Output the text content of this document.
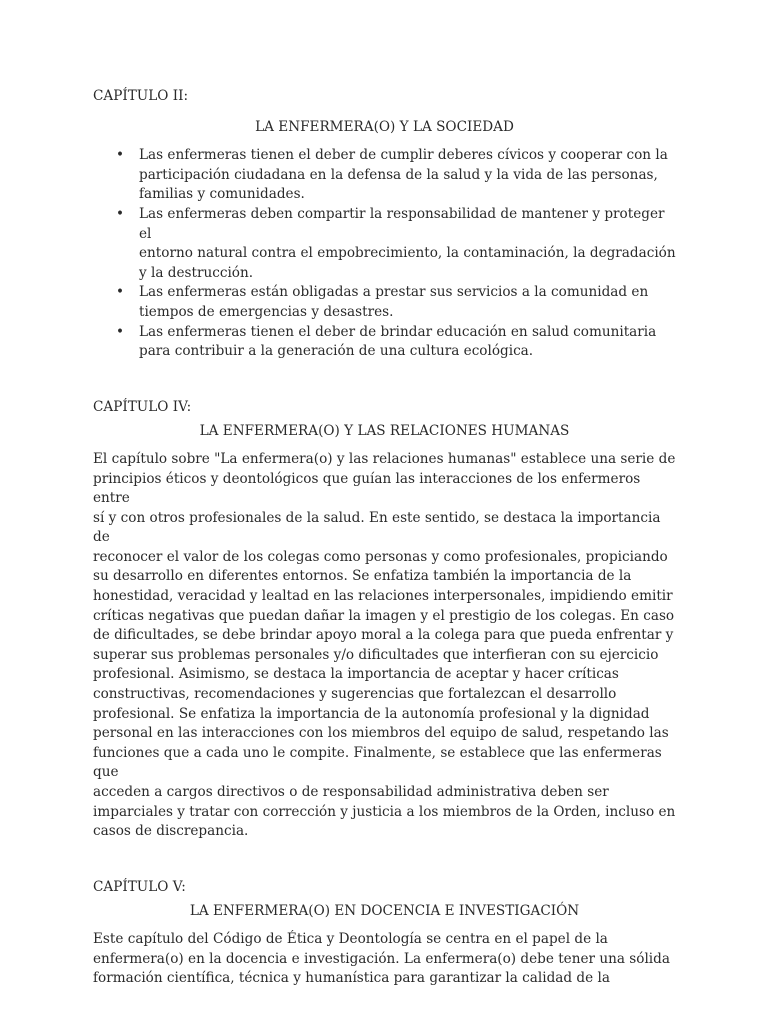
CAPÍTULO II:

LA ENFERMERA(O) Y LA SOCIEDAD

• Las enfermeras tienen el deber de cumplir deberes cívicos y cooperar con la
participación ciudadana en la defensa de la salud y la vida de las personas,
familias y comunidades.
• Las enfermeras deben compartir la responsabilidad de mantener y proteger el
entorno natural contra el empobrecimiento, la contaminación, la degradación
y la destrucción.
• Las enfermeras están obligadas a prestar sus servicios a la comunidad en
tiempos de emergencias y desastres.
• Las enfermeras tienen el deber de brindar educación en salud comunitaria
para contribuir a la generación de una cultura ecológica.

CAPÍTULO IV:

LA ENFERMERA(O) Y LAS RELACIONES HUMANAS

El capítulo sobre "La enfermera(o) y las relaciones humanas" establece una serie de
principios éticos y deontológicos que guían las interacciones de los enfermeros entre
sí y con otros profesionales de la salud. En este sentido, se destaca la importancia de
reconocer el valor de los colegas como personas y como profesionales, propiciando
su desarrollo en diferentes entornos. Se enfatiza también la importancia de la
honestidad, veracidad y lealtad en las relaciones interpersonales, impidiendo emitir
críticas negativas que puedan dañar la imagen y el prestigio de los colegas. En caso
de dificultades, se debe brindar apoyo moral a la colega para que pueda enfrentar y
superar sus problemas personales y/o dificultades que interfieran con su ejercicio
profesional. Asimismo, se destaca la importancia de aceptar y hacer críticas
constructivas, recomendaciones y sugerencias que fortalezcan el desarrollo
profesional. Se enfatiza la importancia de la autonomía profesional y la dignidad
personal en las interacciones con los miembros del equipo de salud, respetando las
funciones que a cada uno le compite. Finalmente, se establece que las enfermeras que
acceden a cargos directivos o de responsabilidad administrativa deben ser
imparciales y tratar con corrección y justicia a los miembros de la Orden, incluso en
casos de discrepancia.

CAPÍTULO V:

LA ENFERMERA(O) EN DOCENCIA E INVESTIGACIÓN

Este capítulo del Código de Ética y Deontología se centra en el papel de la
enfermera(o) en la docencia e investigación. La enfermera(o) debe tener una sólida
formación científica, técnica y humanística para garantizar la calidad de la
